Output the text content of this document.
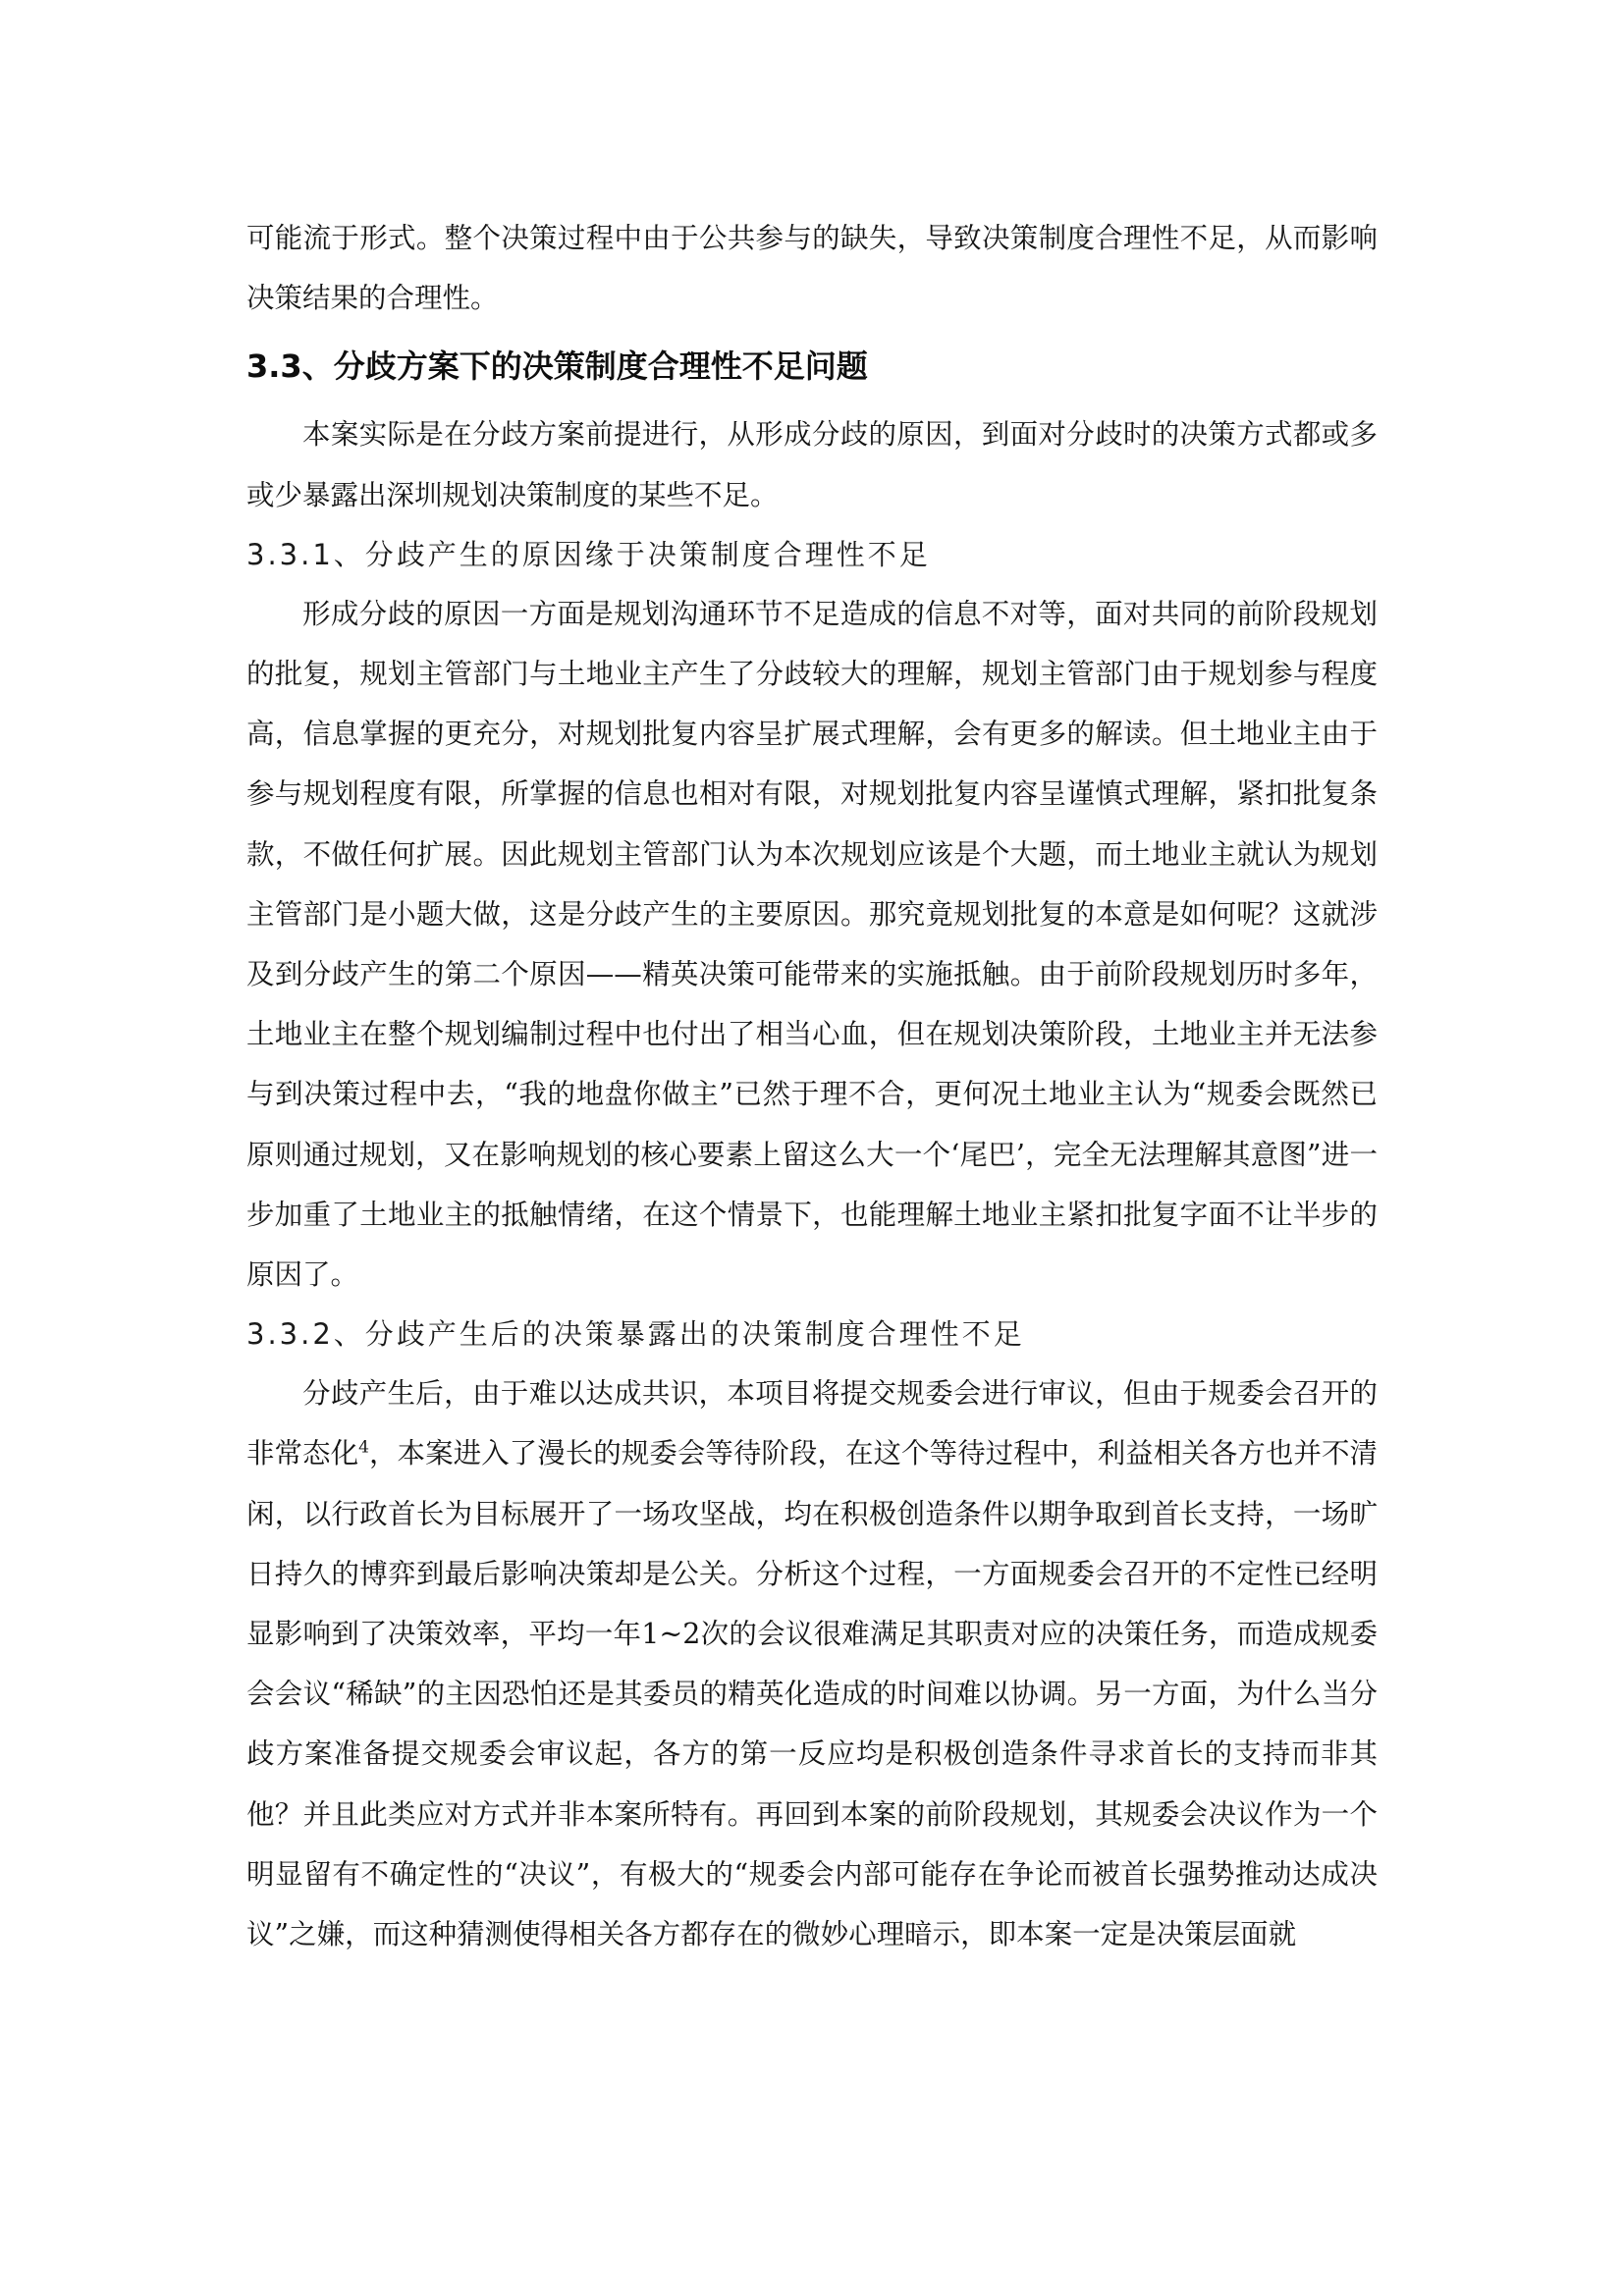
可能流于形式。整个决策过程中由于公共参与的缺失，导致决策制度合理性不足，从而影响决策结果的合理性。

3.3、分歧方案下的决策制度合理性不足问题

本案实际是在分歧方案前提进行，从形成分歧的原因，到面对分歧时的决策方式都或多或少暴露出深圳规划决策制度的某些不足。

3.3.1、分歧产生的原因缘于决策制度合理性不足

形成分歧的原因一方面是规划沟通环节不足造成的信息不对等，面对共同的前阶段规划的批复，规划主管部门与土地业主产生了分歧较大的理解，规划主管部门由于规划参与程度高，信息掌握的更充分，对规划批复内容呈扩展式理解，会有更多的解读。但土地业主由于参与规划程度有限，所掌握的信息也相对有限，对规划批复内容呈谨慎式理解，紧扣批复条款，不做任何扩展。因此规划主管部门认为本次规划应该是个大题，而土地业主就认为规划主管部门是小题大做，这是分歧产生的主要原因。那究竟规划批复的本意是如何呢？这就涉及到分歧产生的第二个原因——精英决策可能带来的实施抵触。由于前阶段规划历时多年，土地业主在整个规划编制过程中也付出了相当心血，但在规划决策阶段，土地业主并无法参与到决策过程中去，“我的地盘你做主”已然于理不合，更何况土地业主认为“规委会既然已原则通过规划，又在影响规划的核心要素上留这么大一个‘尾巴’，完全无法理解其意图”进一步加重了土地业主的抵触情绪，在这个情景下，也能理解土地业主紧扣批复字面不让半步的原因了。

3.3.2、分歧产生后的决策暴露出的决策制度合理性不足

分歧产生后，由于难以达成共识，本项目将提交规委会进行审议，但由于规委会召开的非常态化$^4$，本案进入了漫长的规委会等待阶段，在这个等待过程中，利益相关各方也并不清闲，以行政首长为目标展开了一场攻坚战，均在积极创造条件以期争取到首长支持，一场旷日持久的博弈到最后影响决策却是公关。分析这个过程，一方面规委会召开的不定性已经明显影响到了决策效率，平均一年1~2次的会议很难满足其职责对应的决策任务，而造成规委会会议“稀缺”的主因恐怕还是其委员的精英化造成的时间难以协调。另一方面，为什么当分歧方案准备提交规委会审议起，各方的第一反应均是积极创造条件寻求首长的支持而非其他？并且此类应对方式并非本案所特有。再回到本案的前阶段规划，其规委会决议作为一个明显留有不确定性的“决议”，有极大的“规委会内部可能存在争论而被首长强势推动达成决议”之嫌，而这种猜测使得相关各方都存在的微妙心理暗示，即本案一定是决策层面就
